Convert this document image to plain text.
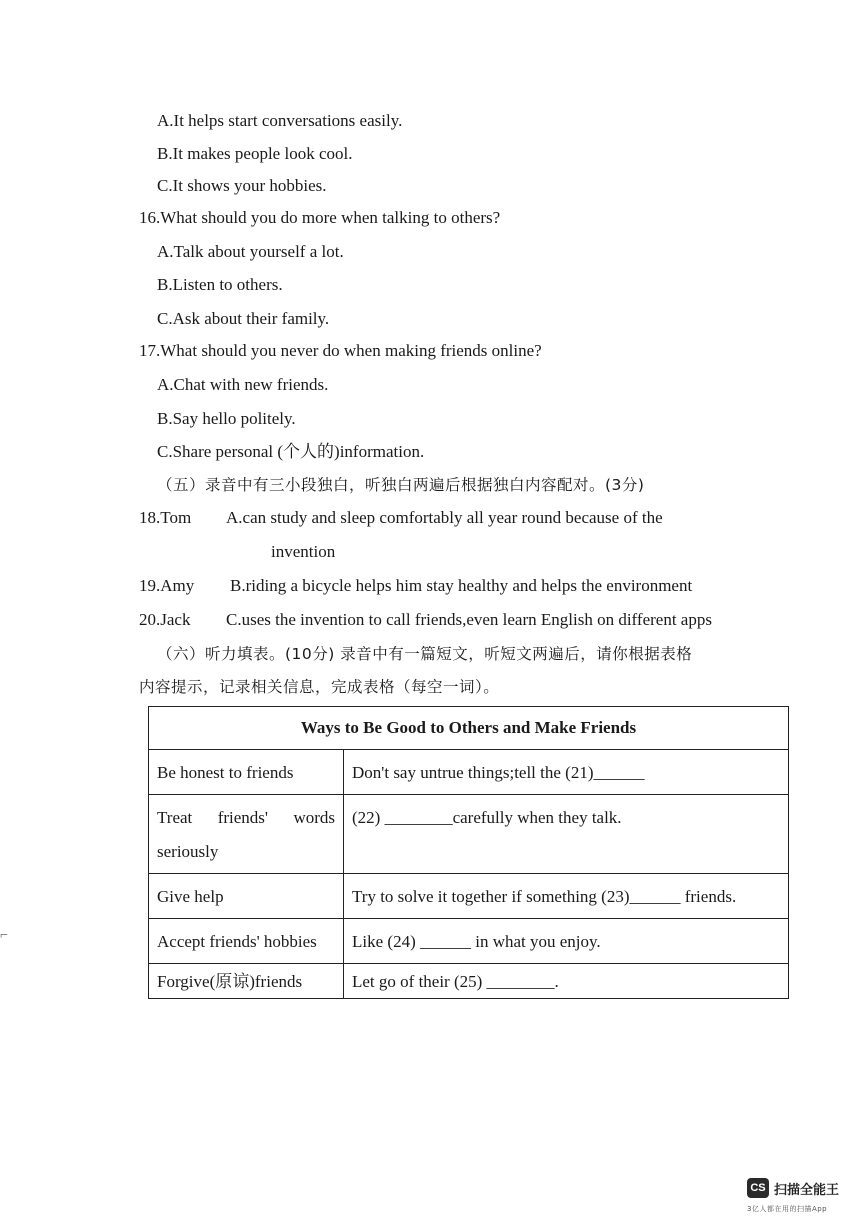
A.It helps start conversations easily.
B.It makes people look cool.
C.It shows your hobbies.
16.What should you do more when talking to others?
A.Talk about yourself a lot.
B.Listen to others.
C.Ask about their family.
17.What should you never do when making friends online?
A.Chat with new friends.
B.Say hello politely.
C.Share personal (个人的)information.
（五）录音中有三小段独白，听独白两遍后根据独白内容配对。(3分)
18.Tom A.can study and sleep comfortably all year round because of the
invention
19.Amy B.riding a bicycle helps him stay healthy and helps the environment
20.Jack C.uses the invention to call friends,even learn English on different apps
（六）听力填表。(10分) 录音中有一篇短文，听短文两遍后，请你根据表格
内容提示，记录相关信息，完成表格（每空一词）。
Ways to Be Good to Others and Make Friends	
Be honest to friends	Don't say untrue things;tell the (21)______
Treat friends' words seriously	(22) ________carefully when they talk.
Give help	Try to solve it together if something (23)______ friends.
Accept friends' hobbies	Like (24) ______ in what you enjoy.
Forgive(原谅)friends	Let go of their (25) ________.
⌐
CS 扫描全能王
3亿人都在用的扫描App
